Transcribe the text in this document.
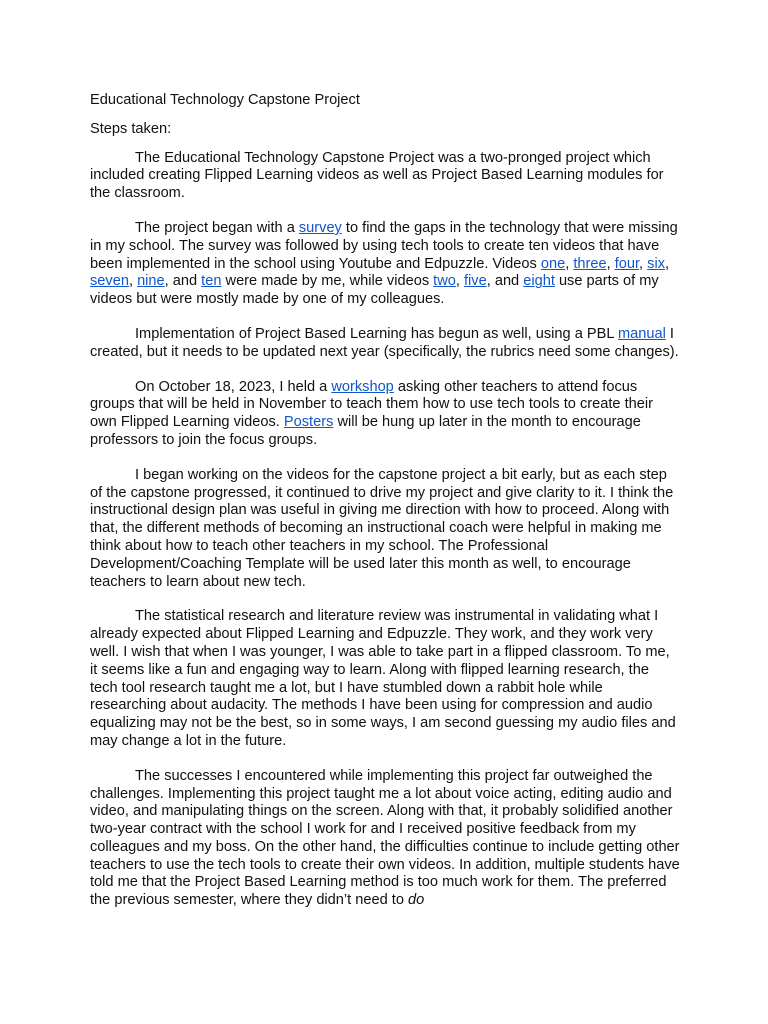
Educational Technology Capstone Project
Steps taken:

The Educational Technology Capstone Project was a two-pronged project which included creating Flipped Learning videos as well as Project Based Learning modules for the classroom.

The project began with a survey to find the gaps in the technology that were missing in my school. The survey was followed by using tech tools to create ten videos that have been implemented in the school using Youtube and Edpuzzle. Videos one, three, four, six, seven, nine, and ten were made by me, while videos two, five, and eight use parts of my videos but were mostly made by one of my colleagues.

Implementation of Project Based Learning has begun as well, using a PBL manual I created, but it needs to be updated next year (specifically, the rubrics need some changes).

On October 18, 2023, I held a workshop asking other teachers to attend focus groups that will be held in November to teach them how to use tech tools to create their own Flipped Learning videos. Posters will be hung up later in the month to encourage professors to join the focus groups.

I began working on the videos for the capstone project a bit early, but as each step of the capstone progressed, it continued to drive my project and give clarity to it. I think the instructional design plan was useful in giving me direction with how to proceed. Along with that, the different methods of becoming an instructional coach were helpful in making me think about how to teach other teachers in my school. The Professional Development/Coaching Template will be used later this month as well, to encourage teachers to learn about new tech.

The statistical research and literature review was instrumental in validating what I already expected about Flipped Learning and Edpuzzle. They work, and they work very well. I wish that when I was younger, I was able to take part in a flipped classroom. To me, it seems like a fun and engaging way to learn. Along with flipped learning research, the tech tool research taught me a lot, but I have stumbled down a rabbit hole while researching about audacity. The methods I have been using for compression and audio equalizing may not be the best, so in some ways, I am second guessing my audio files and may change a lot in the future.

The successes I encountered while implementing this project far outweighed the challenges. Implementing this project taught me a lot about voice acting, editing audio and video, and manipulating things on the screen. Along with that, it probably solidified another two-year contract with the school I work for and I received positive feedback from my colleagues and my boss. On the other hand, the difficulties continue to include getting other teachers to use the tech tools to create their own videos. In addition, multiple students have told me that the Project Based Learning method is too much work for them. The preferred the previous semester, where they didn’t need to do
